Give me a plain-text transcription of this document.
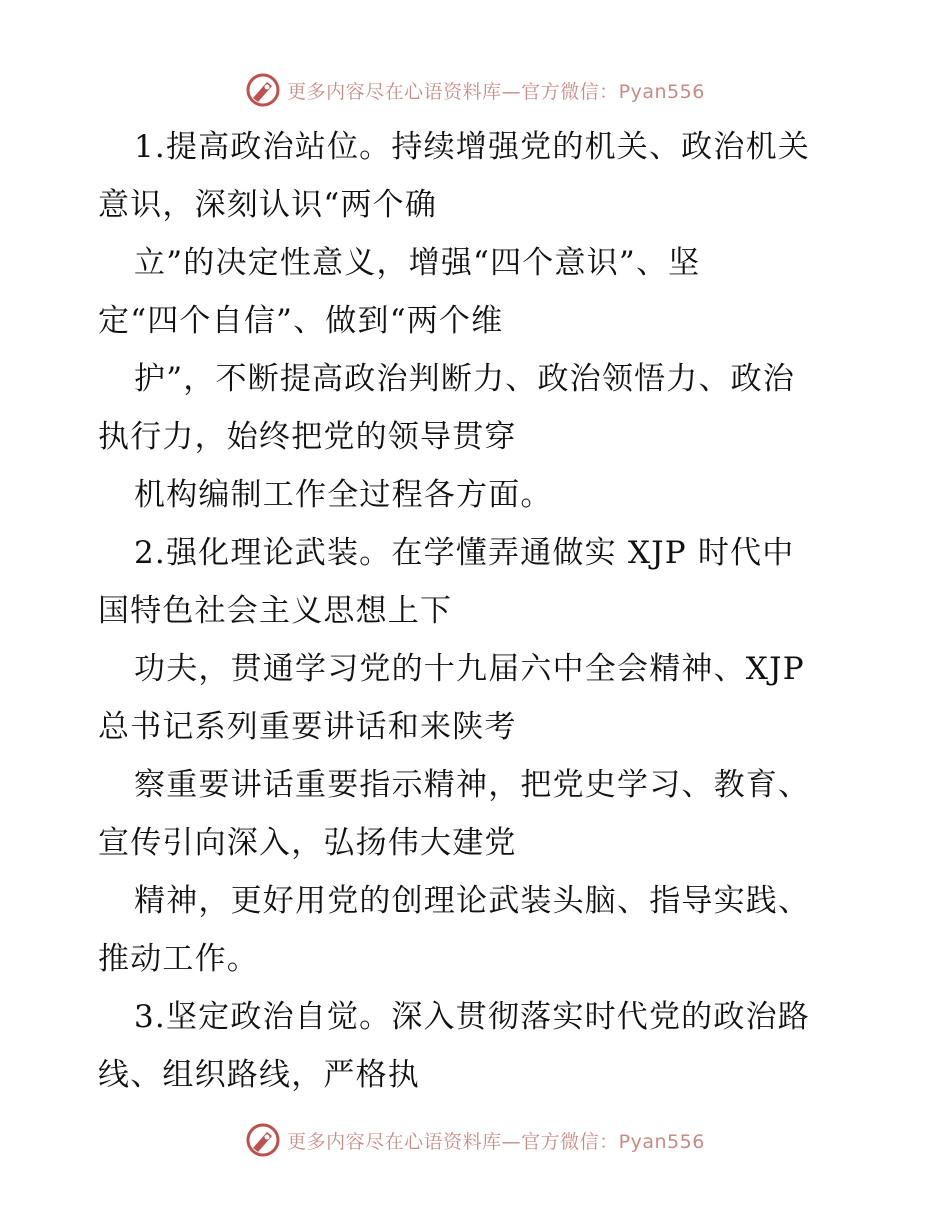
更多内容尽在心语资料库—官方微信：Pyan556
1.提高政治站位。持续增强党的机关、政治机关
意识，深刻认识“两个确
立”的决定性意义，增强“四个意识”、坚
定“四个自信”、做到“两个维
护”，不断提高政治判断力、政治领悟力、政治
执行力，始终把党的领导贯穿
机构编制工作全过程各方面。
2.强化理论武装。在学懂弄通做实 XJP 时代中
国特色社会主义思想上下
功夫，贯通学习党的十九届六中全会精神、XJP
总书记系列重要讲话和来陕考
察重要讲话重要指示精神，把党史学习、教育、
宣传引向深入，弘扬伟大建党
精神，更好用党的创理论武装头脑、指导实践、
推动工作。
3.坚定政治自觉。深入贯彻落实时代党的政治路
线、组织路线，严格执
更多内容尽在心语资料库—官方微信：Pyan556
